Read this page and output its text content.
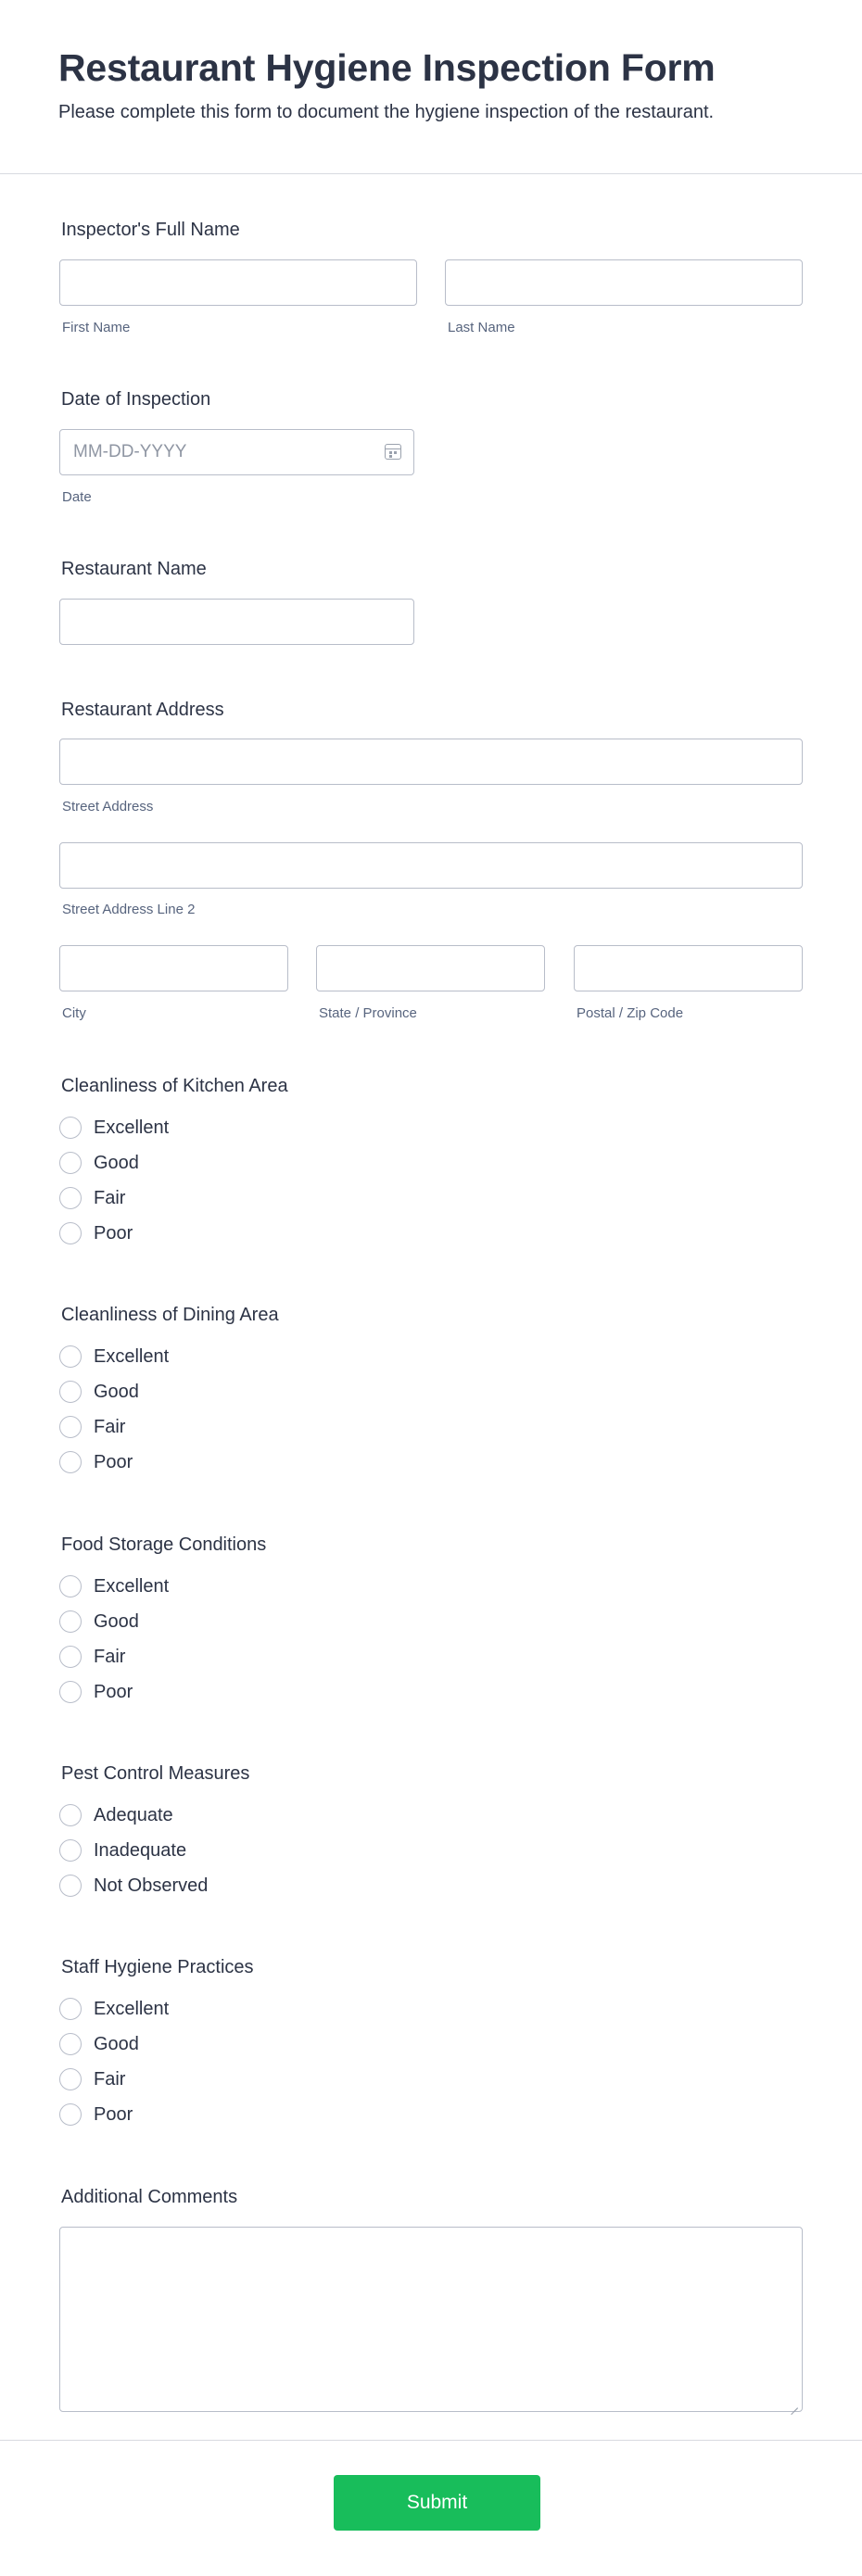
Restaurant Hygiene Inspection Form

Please complete this form to document the hygiene inspection of the restaurant.

Inspector's Full Name
First Name	Last Name
Date of Inspection
MM-DD-YYYY
Date
Restaurant Name
Restaurant Address
Street Address
Street Address Line 2
City	State / Province	Postal / Zip Code
Cleanliness of Kitchen Area
Excellent
Good
Fair
Poor
Cleanliness of Dining Area
Excellent
Good
Fair
Poor
Food Storage Conditions
Excellent
Good
Fair
Poor
Pest Control Measures
Adequate
Inadequate
Not Observed
Staff Hygiene Practices
Excellent
Good
Fair
Poor
Additional Comments
Submit
